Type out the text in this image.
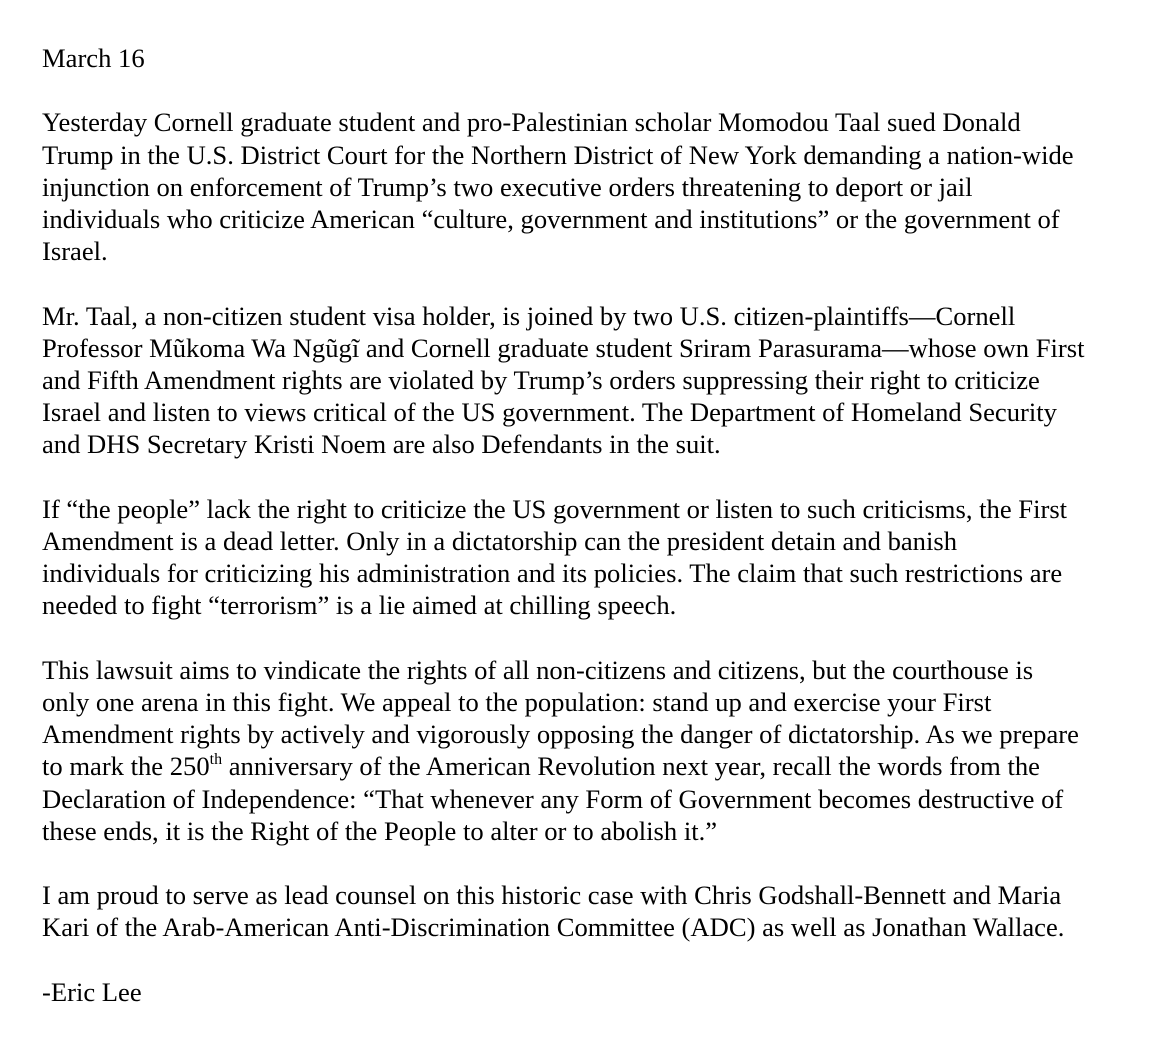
March 16

Yesterday Cornell graduate student and pro-Palestinian scholar Momodou Taal sued Donald
Trump in the U.S. District Court for the Northern District of New York demanding a nation-wide
injunction on enforcement of Trump’s two executive orders threatening to deport or jail
individuals who criticize American “culture, government and institutions” or the government of
Israel.

Mr. Taal, a non-citizen student visa holder, is joined by two U.S. citizen-plaintiffs—Cornell
Professor Mũkoma Wa Ngũgĩ and Cornell graduate student Sriram Parasurama—whose own First
and Fifth Amendment rights are violated by Trump’s orders suppressing their right to criticize
Israel and listen to views critical of the US government. The Department of Homeland Security
and DHS Secretary Kristi Noem are also Defendants in the suit.

If “the people” lack the right to criticize the US government or listen to such criticisms, the First
Amendment is a dead letter. Only in a dictatorship can the president detain and banish
individuals for criticizing his administration and its policies. The claim that such restrictions are
needed to fight “terrorism” is a lie aimed at chilling speech.

This lawsuit aims to vindicate the rights of all non-citizens and citizens, but the courthouse is
only one arena in this fight. We appeal to the population: stand up and exercise your First
Amendment rights by actively and vigorously opposing the danger of dictatorship. As we prepare
to mark the 250th anniversary of the American Revolution next year, recall the words from the
Declaration of Independence: “That whenever any Form of Government becomes destructive of
these ends, it is the Right of the People to alter or to abolish it.”

I am proud to serve as lead counsel on this historic case with Chris Godshall-Bennett and Maria
Kari of the Arab-American Anti-Discrimination Committee (ADC) as well as Jonathan Wallace.

-Eric Lee
